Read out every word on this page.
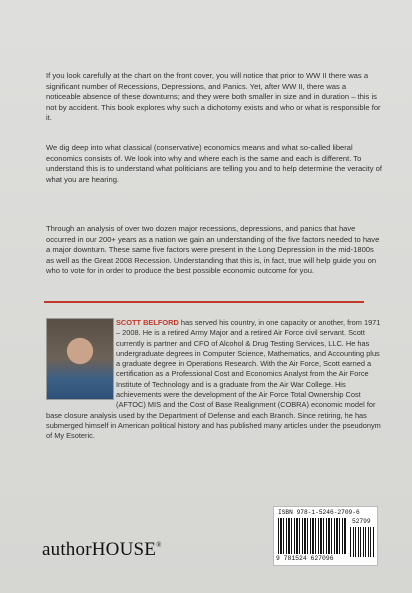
If you look carefully at the chart on the front cover, you will notice that prior to WW II there was a significant number of Recessions, Depressions, and Panics. Yet, after WW II, there was a noticeable absence of these downturns; and they were both smaller in size and in duration – this is not by accident. This book explores why such a dichotomy exists and who or what is responsible for it.

We dig deep into what classical (conservative) economics means and what so-called liberal economics consists of. We look into why and where each is the same and each is different. To understand this is to understand what politicians are telling you and to help determine the veracity of what you are hearing.

Through an analysis of over two dozen major recessions, depressions, and panics that have occurred in our 200+ years as a nation we gain an understanding of the five factors needed to have a major downturn. These same five factors were present in the Long Depression in the mid-1800s as well as the Great 2008 Recession. Understanding that this is, in fact, true will help guide you on who to vote for in order to produce the best possible economic outcome for you.

SCOTT BELFORD has served his country, in one capacity or another, from 1971 – 2008. He is a retired Army Major and a retired Air Force civil servant. Scott currently is partner and CFO of Alcohol & Drug Testing Services, LLC. He has undergraduate degrees in Computer Science, Mathematics, and Accounting plus a graduate degree in Operations Research. With the Air Force, Scott earned a certification as a Professional Cost and Economics Analyst from the Air Force Institute of Technology and is a graduate from the Air War College. His achievements were the development of the Air Force Total Ownership Cost (AFTOC) MIS and the Cost of Base Realignment (COBRA) economic model for base closure analysis used by the Department of Defense and each Branch. Since retiring, he has submerged himself in American political history and has published many articles under the pseudonym of My Esoteric.

ISBN 978-1-5246-2709-6
52799
9 781524 627096
authorHOUSE®
